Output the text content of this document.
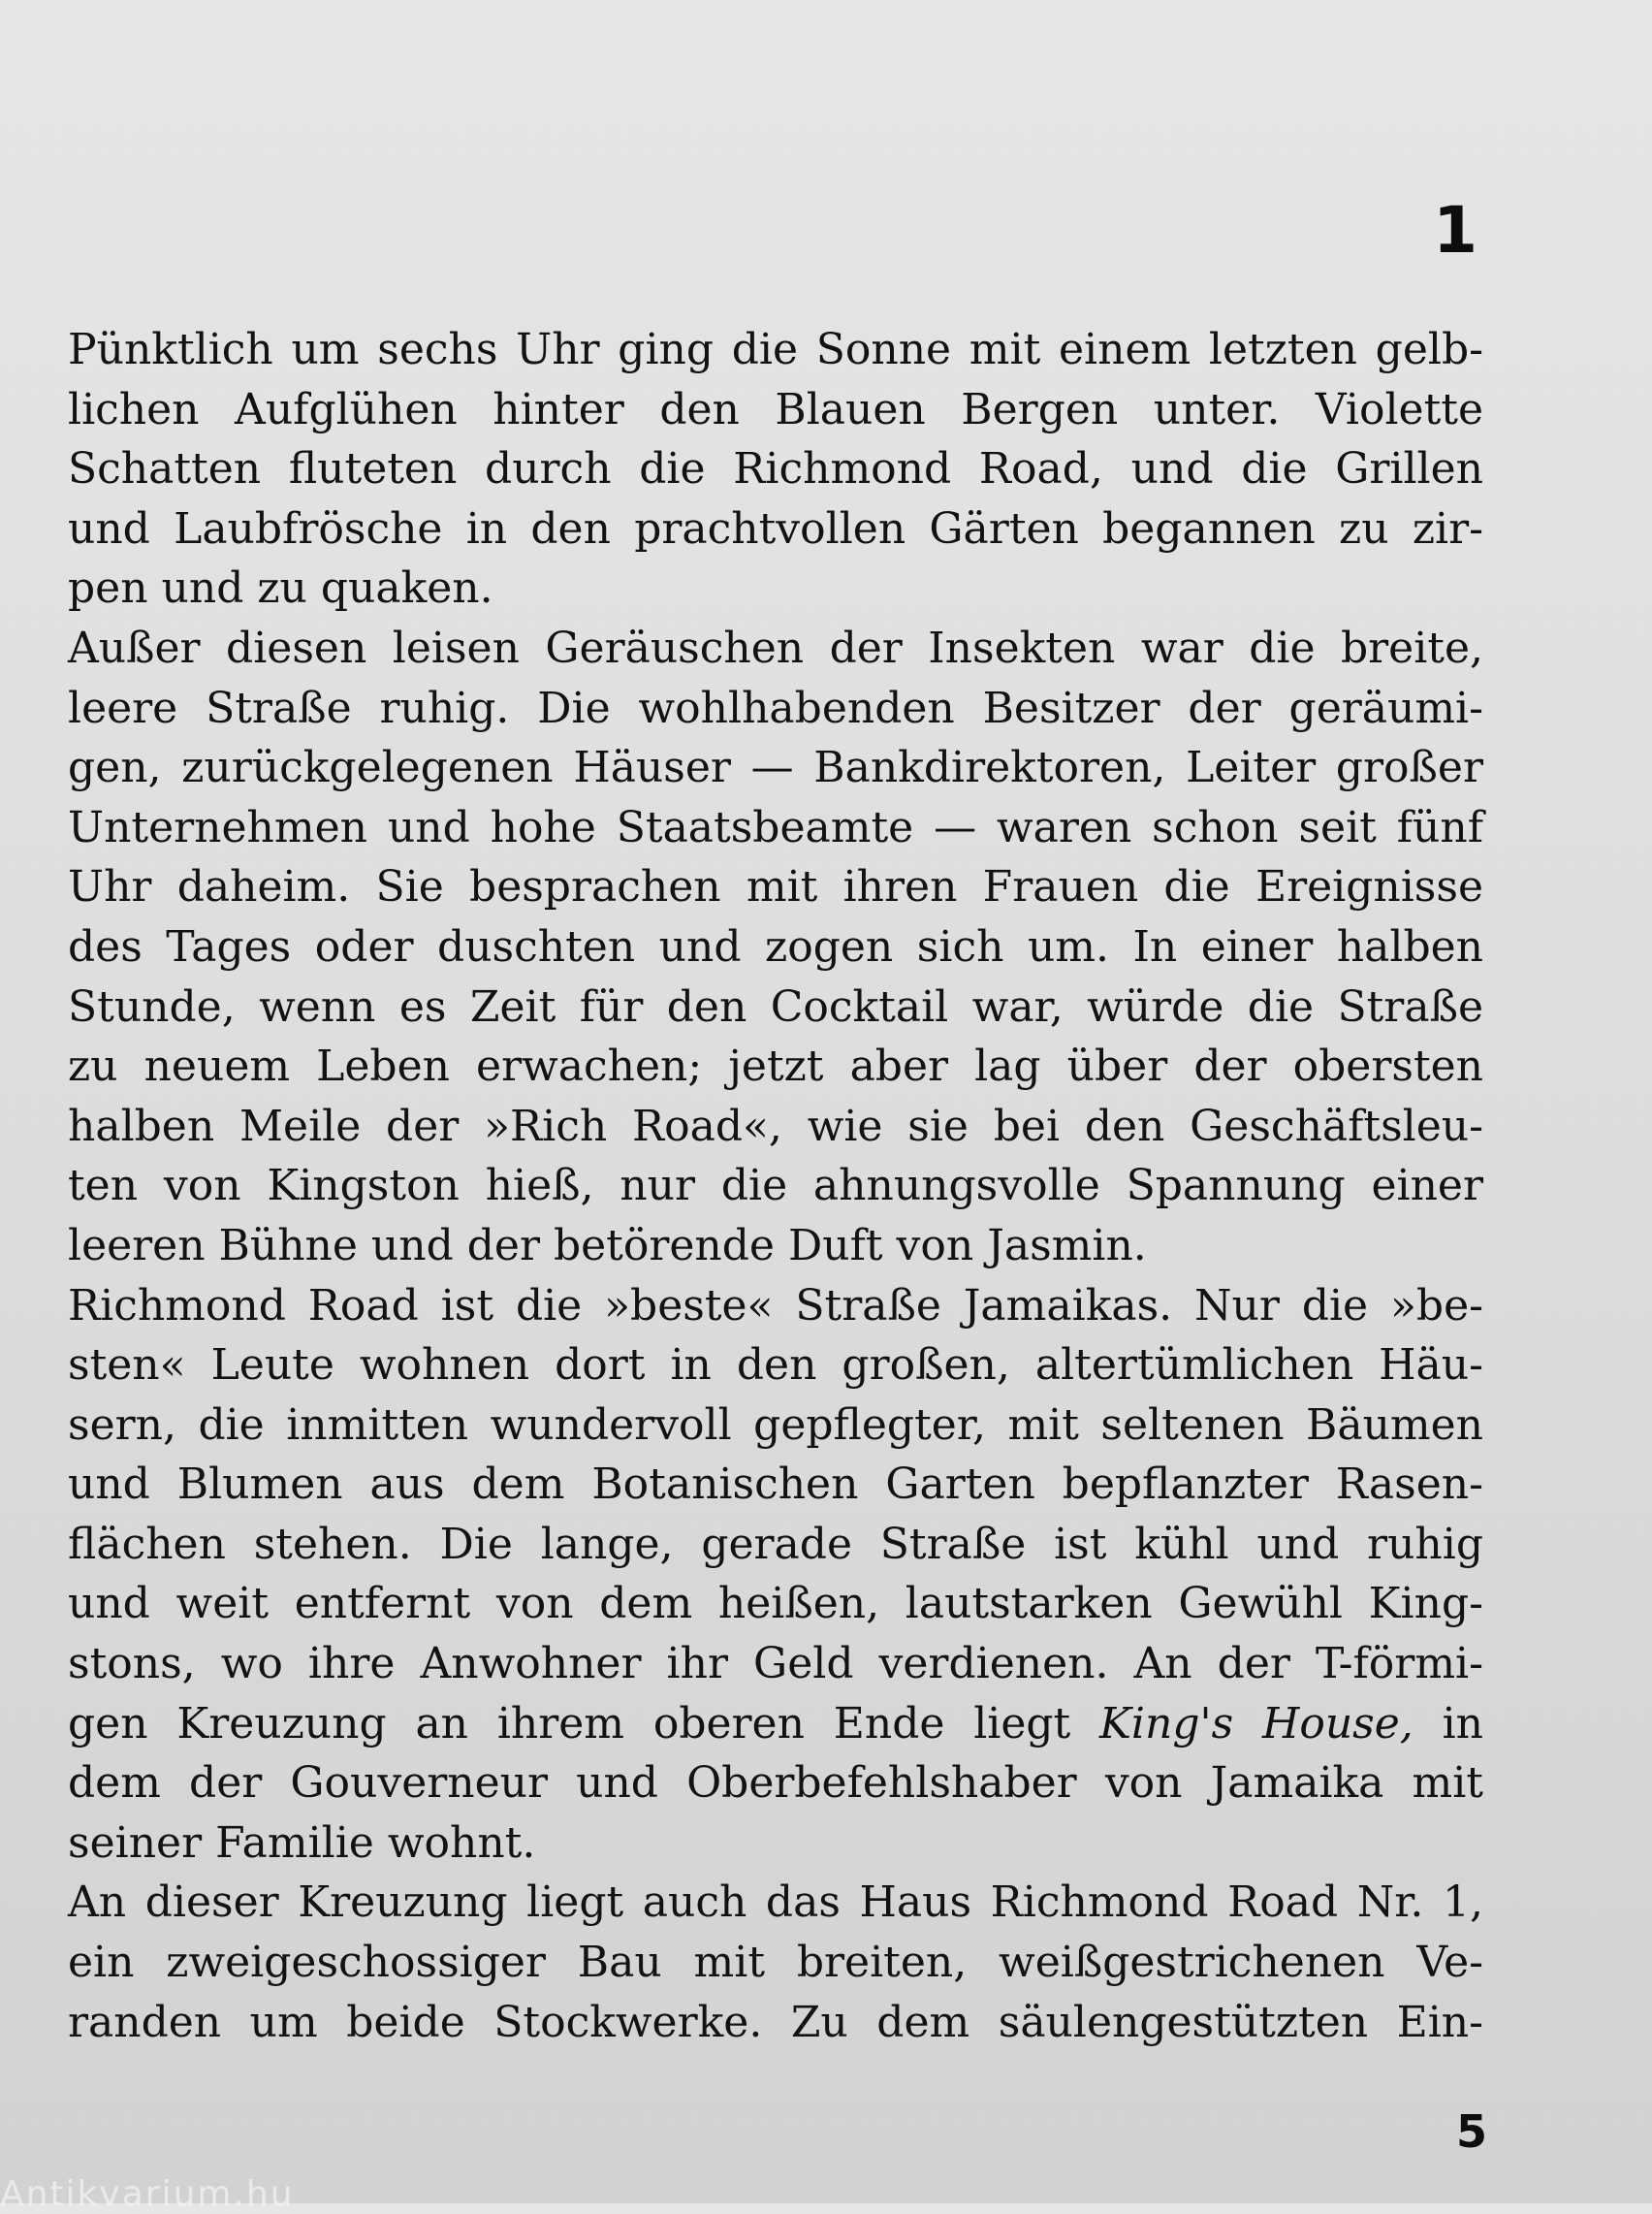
1
Pünktlich um sechs Uhr ging die Sonne mit einem letzten gelb-
lichen Aufglühen hinter den Blauen Bergen unter. Violette
Schatten fluteten durch die Richmond Road, und die Grillen
und Laubfrösche in den prachtvollen Gärten begannen zu zir-
pen und zu quaken.
Außer diesen leisen Geräuschen der Insekten war die breite,
leere Straße ruhig. Die wohlhabenden Besitzer der geräumi-
gen, zurückgelegenen Häuser — Bankdirektoren, Leiter großer
Unternehmen und hohe Staatsbeamte — waren schon seit fünf
Uhr daheim. Sie besprachen mit ihren Frauen die Ereignisse
des Tages oder duschten und zogen sich um. In einer halben
Stunde, wenn es Zeit für den Cocktail war, würde die Straße
zu neuem Leben erwachen; jetzt aber lag über der obersten
halben Meile der »Rich Road«, wie sie bei den Geschäftsleu-
ten von Kingston hieß, nur die ahnungsvolle Spannung einer
leeren Bühne und der betörende Duft von Jasmin.
Richmond Road ist die »beste« Straße Jamaikas. Nur die »be-
sten« Leute wohnen dort in den großen, altertümlichen Häu-
sern, die inmitten wundervoll gepflegter, mit seltenen Bäumen
und Blumen aus dem Botanischen Garten bepflanzter Rasen-
flächen stehen. Die lange, gerade Straße ist kühl und ruhig
und weit entfernt von dem heißen, lautstarken Gewühl King-
stons, wo ihre Anwohner ihr Geld verdienen. An der T-förmi-
gen Kreuzung an ihrem oberen Ende liegt King's House, in
dem der Gouverneur und Oberbefehlshaber von Jamaika mit
seiner Familie wohnt.
An dieser Kreuzung liegt auch das Haus Richmond Road Nr. 1,
ein zweigeschossiger Bau mit breiten, weißgestrichenen Ve-
randen um beide Stockwerke. Zu dem säulengestützten Ein-
5
Antikvarium.hu
